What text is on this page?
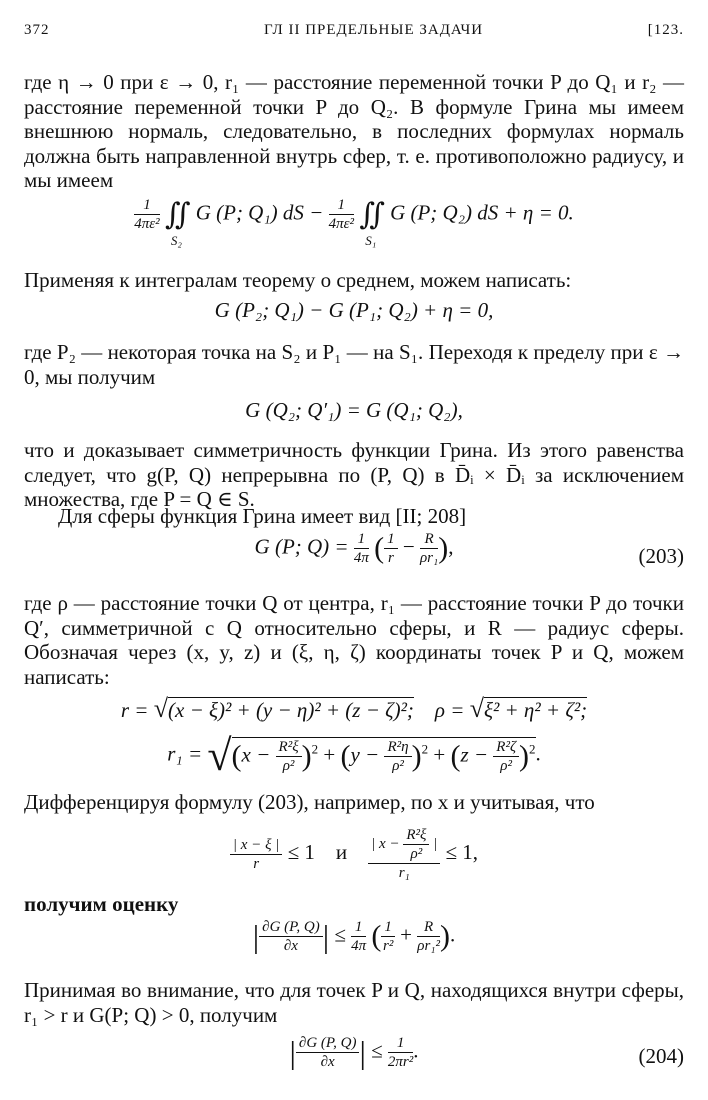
372	ГЛ II ПРЕДЕЛЬНЫЕ ЗАДАЧИ	[123.

где η → 0 при ε → 0, r₁ — расстояние переменной точки P до Q₁ и r₂ — расстояние переменной точки P до Q₂. В формуле Грина мы имеем внешнюю нормаль, следовательно, в последних формулах нормаль должна быть направленной внутрь сфер, т. е. противоположно радиусу, и мы имеем

$\frac{1}{\text{4πε²}}$ ∬
S₂
G (P; Q₁) dS − $\frac{1}{\text{4πε²}}$ ∬
S₁
G (P; Q₂) dS + η = 0.

Применяя к интегралам теорему о среднем, можем написать:

G (P₂; Q₁) − G (P₁; Q₂) + η = 0,

где P₂ — некоторая точка на S₂ и P₁ — на S₁. Переходя к пределу при ε → 0, мы получим

G (Q₂; Q′₁) = G (Q₁; Q₂),

что и доказывает симметричность функции Грина. Из этого равенства следует, что g(P, Q) непрерывна по (P, Q) в D̄ᵢ × D̄ᵢ за исключением множества, где P = Q ∈ S.

Для сферы функция Грина имеет вид [II; 208]

G (P; $Q) = \frac{1}{4\pi}$ ( $\frac{1}{r} - \frac{R}{\text{ρr₁}}$ ),	(203)

где ρ — расстояние точки Q от центра, r₁ — расстояние точки P до точки Q′, симметричной с Q относительно сферы, и R — радиус сферы. Обозначая через (x, y, z) и (ξ, η, ζ) координаты точек P и Q, можем написать:

r = √(x − ξ)² + (y − η)² + (z − ζ)²; ρ = √ξ² + η² + ζ²;
$r_1 = √(x - \frac{\text{R²ξ}}{\text{ρ²}} )^2 + (y - \frac{\text{R²η}}{\text{ρ²}} )^2 + (z - \frac{\text{R²ζ}}{\text{ρ²}} )^2$.

Дифференцируя формулу (203), например, по x и учитывая, что

$\frac{| x - \xi |}{r} \le 1$ и $\frac{| x - \frac{\text{R²ξ}}{\text{ρ²}} |}{\text{r₁}} \le 1$,

получим оценку

| $\frac{\partial G (P, Q)}{\partial x}$ | ≤ $\frac{1}{4\pi}$ ( $\frac{1}{\text{r²}} + \frac{R}{\text{ρr₁²}}$ ).

Принимая во внимание, что для точек P и Q, находящихся внутри сферы, r₁ > r и G(P; Q) > 0, получим

| $\frac{\partial G (P, Q)}{\partial x}$ | ≤ $\frac{1}{\text{2πr²}}$ .	(204)
